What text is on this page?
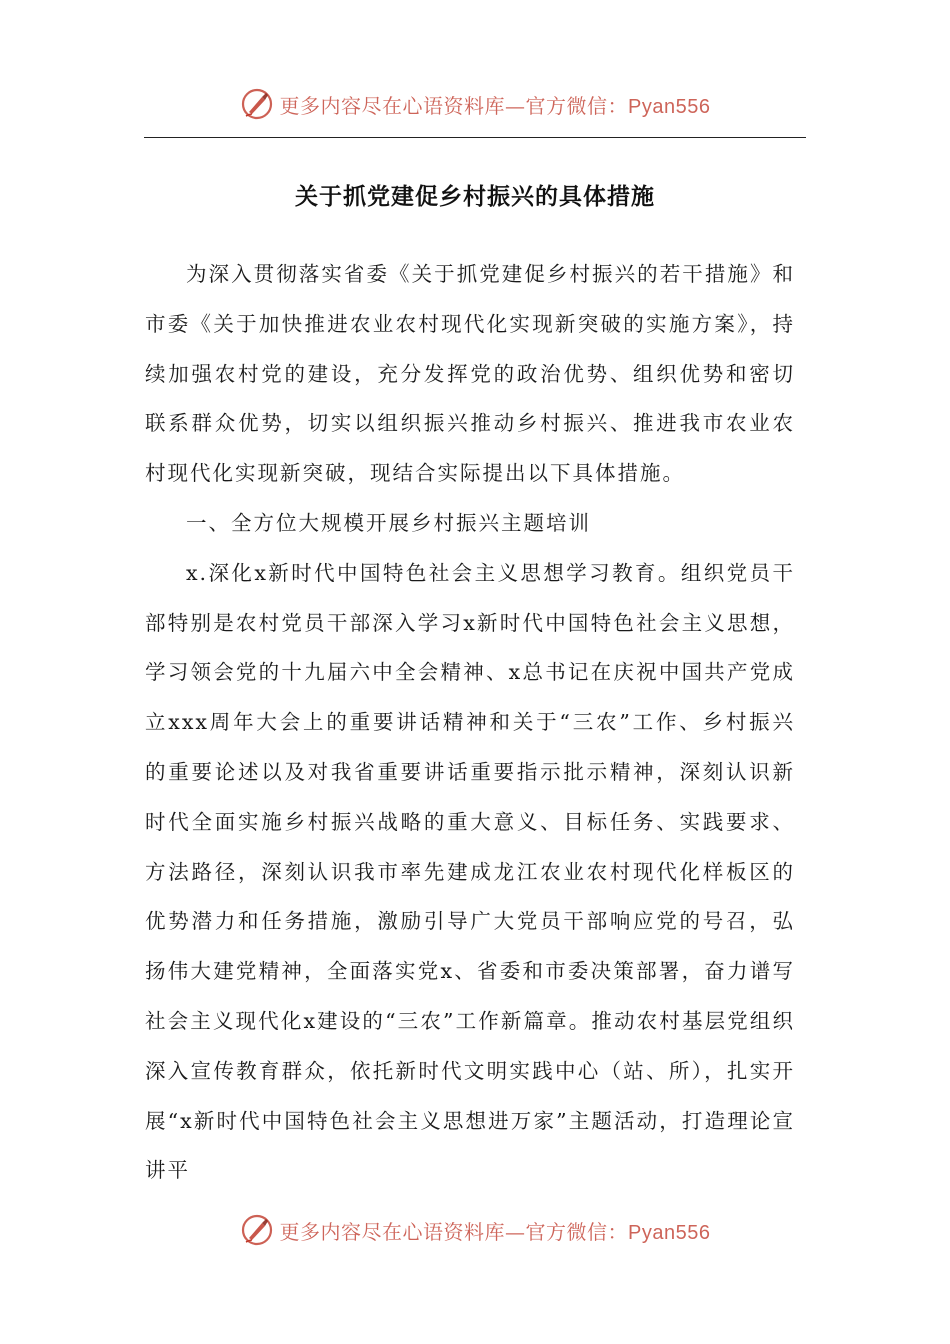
更多内容尽在心语资料库—官方微信：Pyan556
关于抓党建促乡村振兴的具体措施

为深入贯彻落实省委《关于抓党建促乡村振兴的若干措施》和市委《关于加快推进农业农村现代化实现新突破的实施方案》，持续加强农村党的建设，充分发挥党的政治优势、组织优势和密切联系群众优势，切实以组织振兴推动乡村振兴、推进我市农业农村现代化实现新突破，现结合实际提出以下具体措施。

一、全方位大规模开展乡村振兴主题培训

x.深化x新时代中国特色社会主义思想学习教育。组织党员干部特别是农村党员干部深入学习x新时代中国特色社会主义思想，学习领会党的十九届六中全会精神、x总书记在庆祝中国共产党成立xxx周年大会上的重要讲话精神和关于“三农”工作、乡村振兴的重要论述以及对我省重要讲话重要指示批示精神，深刻认识新时代全面实施乡村振兴战略的重大意义、目标任务、实践要求、方法路径，深刻认识我市率先建成龙江农业农村现代化样板区的优势潜力和任务措施，激励引导广大党员干部响应党的号召，弘扬伟大建党精神，全面落实党x、省委和市委决策部署，奋力谱写社会主义现代化x建设的“三农”工作新篇章。推动农村基层党组织深入宣传教育群众，依托新时代文明实践中心（站、所），扎实开展“x新时代中国特色社会主义思想进万家”主题活动，打造理论宣讲平

更多内容尽在心语资料库—官方微信：Pyan556
